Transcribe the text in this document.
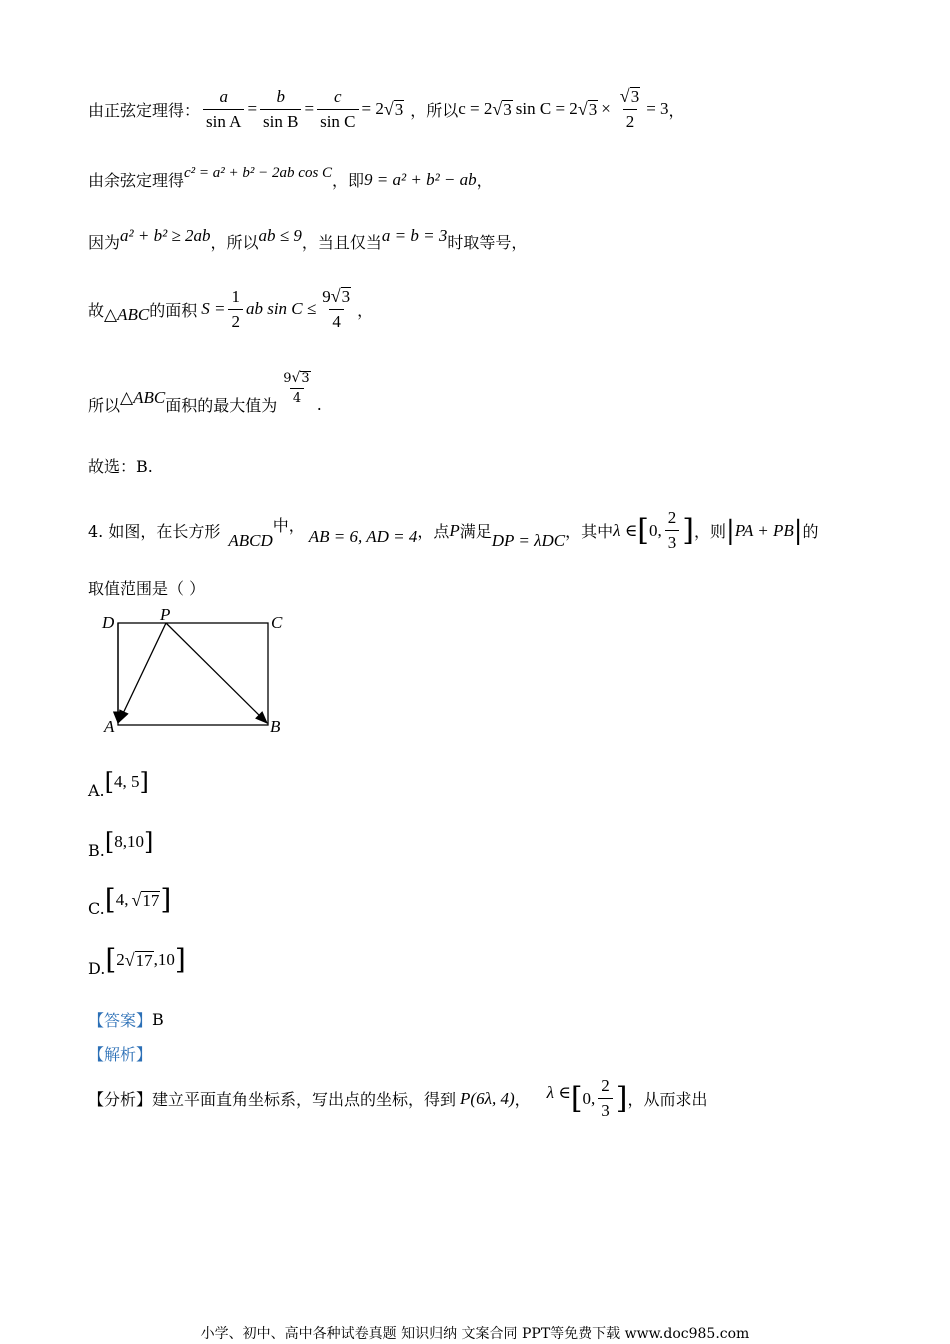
由正弦定理得： $\frac{a}{\text{sin A}} = \frac{b}{\text{sin B}} = \frac{c}{\text{sin C}} = 2$ √ 3 ，所以 c = 2 √ 3 sin C = 2 √ $3 \times \frac{√ 3}{2} = 3$ ，
由余弦定理得 c² = a² + b² − 2ab cos C ，即 9 = a² + b² − ab ，
因为 a² + b² ≥ 2ab ，所以 ab ≤ 9 ，当且仅当 a = b = 3 时取等号，
故 △ABC 的面积 $S = \frac{1}{2}$ ab $\sin C \le \frac{9 √ 3}{4}$ ，
所以 △ABC 面积的最大值为 $\frac{9 √ 3}{4}$ .
故选：B.
4. 如图，在长方形 ABCD
中，
AB = 6, AD = 4 ，点 P 满足 DP = λDC ，其中 λ ∈ [ 0, $\frac{2}{3}$ ] ，则 | PA + PB | 的
取值范围是（ ）
D	P	C
A	B
A. [ 4, 5 ]
B. [ 8,10 ]
C. [ 4, √ 17 ]
D. [ 2 √ 17 ,10 ]
【答案】 B
【解析】
【分析】 建立平面直角坐标系，写出点的坐标，得到 P(6λ, 4) ， λ ∈ [ 0, $\frac{2}{3}$ ] ，从而求出
小学、初中、高中各种试卷真题 知识归纳 文案合同 PPT等免费下载 www.doc985.com
